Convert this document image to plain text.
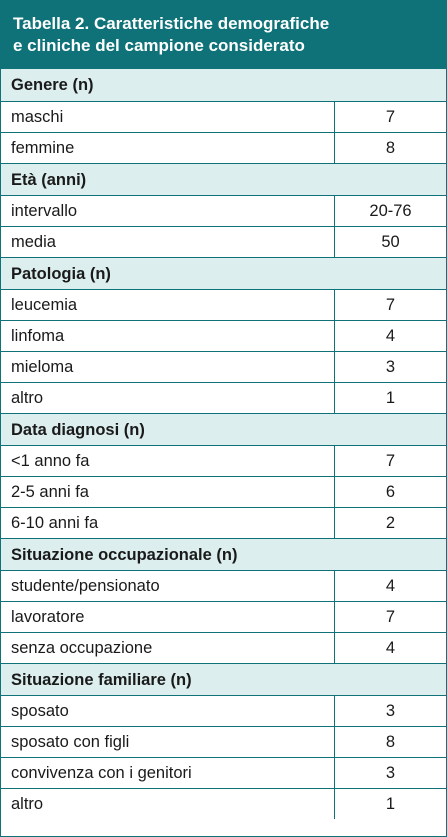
Tabella 2. Caratteristiche demografiche
e cliniche del campione considerato
Genere (n)
maschi	7
femmine	8
Età (anni)
intervallo	20-76
media	50
Patologia (n)
leucemia	7
linfoma	4
mieloma	3
altro	1
Data diagnosi (n)
<1 anno fa	7
2-5 anni fa	6
6-10 anni fa	2
Situazione occupazionale (n)
studente/pensionato	4
lavoratore	7
senza occupazione	4
Situazione familiare (n)
sposato	3
sposato con figli	8
convivenza con i genitori	3
altro	1
